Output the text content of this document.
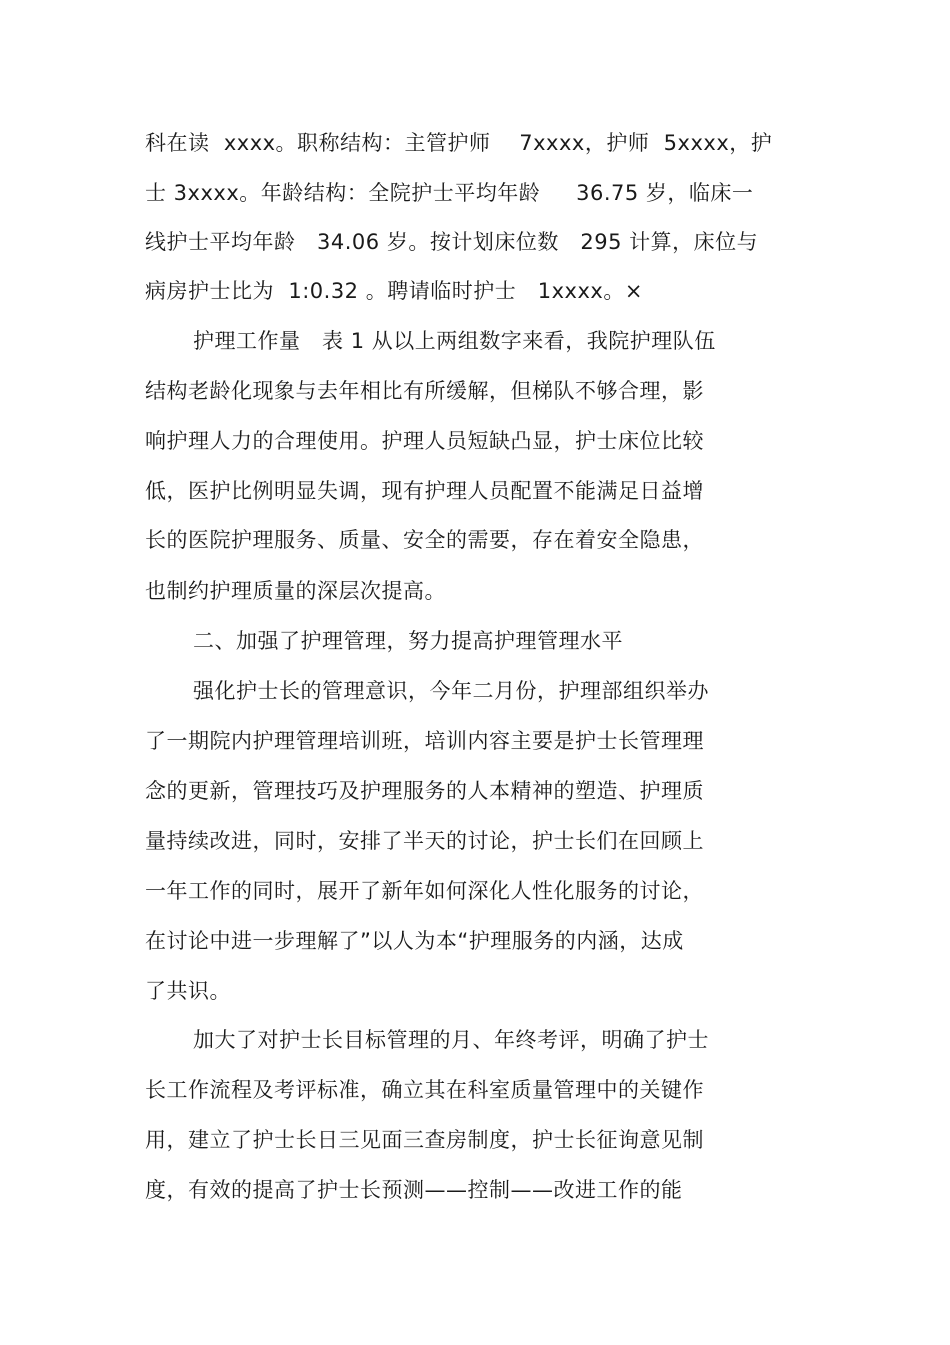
科在读  xxxx。职称结构：主管护师    7xxxx，护师  5xxxx，护
士 3xxxx。年龄结构：全院护士平均年龄     36.75 岁，临床一
线护士平均年龄   34.06 岁。按计划床位数   295 计算，床位与
病房护士比为  1:0.32 。聘请临时护士   1xxxx。×
护理工作量   表 1 从以上两组数字来看，我院护理队伍
结构老龄化现象与去年相比有所缓解，但梯队不够合理，影
响护理人力的合理使用。护理人员短缺凸显，护士床位比较
低，医护比例明显失调，现有护理人员配置不能满足日益增
长的医院护理服务、质量、安全的需要，存在着安全隐患，
也制约护理质量的深层次提高。
二、加强了护理管理，努力提高护理管理水平
强化护士长的管理意识，今年二月份，护理部组织举办
了一期院内护理管理培训班，培训内容主要是护士长管理理
念的更新，管理技巧及护理服务的人本精神的塑造、护理质
量持续改进，同时，安排了半天的讨论，护士长们在回顾上
一年工作的同时，展开了新年如何深化人性化服务的讨论，
在讨论中进一步理解了”以人为本“护理服务的内涵，达成
了共识。
加大了对护士长目标管理的月、年终考评，明确了护士
长工作流程及考评标准，确立其在科室质量管理中的关键作
用，建立了护士长日三见面三查房制度，护士长征询意见制
度，有效的提高了护士长预测——控制——改进工作的能
